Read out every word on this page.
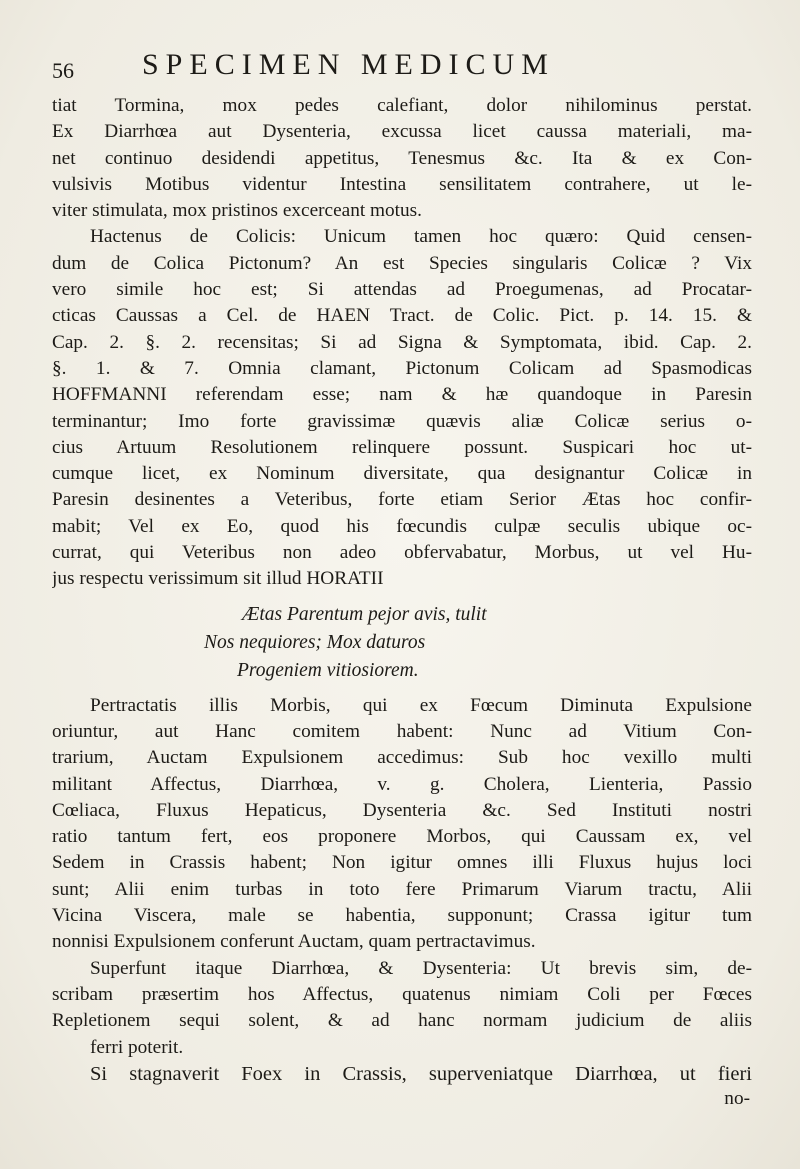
56 SPECIMEN MEDICUM
tiat Tormina, mox pedes calefiant, dolor nihilominus perstat.
Ex Diarrhœa aut Dysenteria, excussa licet caussa materiali, ma-
net continuo desidendi appetitus, Tenesmus &c. Ita & ex Con-
vulsivis Motibus videntur Intestina sensilitatem contrahere, ut le-
viter stimulata, mox pristinos excerceant motus.
Hactenus de Colicis: Unicum tamen hoc quæro: Quid censen-
dum de Colica Pictonum? An est Species singularis Colicæ ? Vix
vero simile hoc est; Si attendas ad Proegumenas, ad Procatar-
cticas Caussas a Cel. de HAEN Tract. de Colic. Pict. p. 14. 15. &
Cap. 2. §. 2. recensitas; Si ad Signa & Symptomata, ibid. Cap. 2.
§. 1. & 7. Omnia clamant, Pictonum Colicam ad Spasmodicas
HOFFMANNI referendam esse; nam & hæ quandoque in Paresin
terminantur; Imo forte gravissimæ quævis aliæ Colicæ serius o-
cius Artuum Resolutionem relinquere possunt. Suspicari hoc ut-
cumque licet, ex Nominum diversitate, qua designantur Colicæ in
Paresin desinentes a Veteribus, forte etiam Serior Ætas hoc confir-
mabit; Vel ex Eo, quod his fœcundis culpæ seculis ubique oc-
currat, qui Veteribus non adeo obfervabatur, Morbus, ut vel Hu-
jus respectu verissimum sit illud HORATII
Ætas Parentum pejor avis, tulit
Nos nequiores; Mox daturos
Progeniem vitiosiorem.
Pertractatis illis Morbis, qui ex Fœcum Diminuta Expulsione
oriuntur, aut Hanc comitem habent: Nunc ad Vitium Con-
trarium, Auctam Expulsionem accedimus: Sub hoc vexillo multi
militant Affectus, Diarrhœa, v. g. Cholera, Lienteria, Passio
Cœliaca, Fluxus Hepaticus, Dysenteria &c. Sed Instituti nostri
ratio tantum fert, eos proponere Morbos, qui Caussam ex, vel
Sedem in Crassis habent; Non igitur omnes illi Fluxus hujus loci
sunt; Alii enim turbas in toto fere Primarum Viarum tractu, Alii
Vicina Viscera, male se habentia, supponunt; Crassa igitur tum
nonnisi Expulsionem conferunt Auctam, quam pertractavimus.
Superfunt itaque Diarrhœa, & Dysenteria: Ut brevis sim, de-
scribam præsertim hos Affectus, quatenus nimiam Coli per Fœces
Repletionem sequi solent, & ad hanc normam judicium de aliis
ferri poterit.
Si stagnaverit Foex in Crassis, superveniatque Diarrhœa, ut fieri
no-
